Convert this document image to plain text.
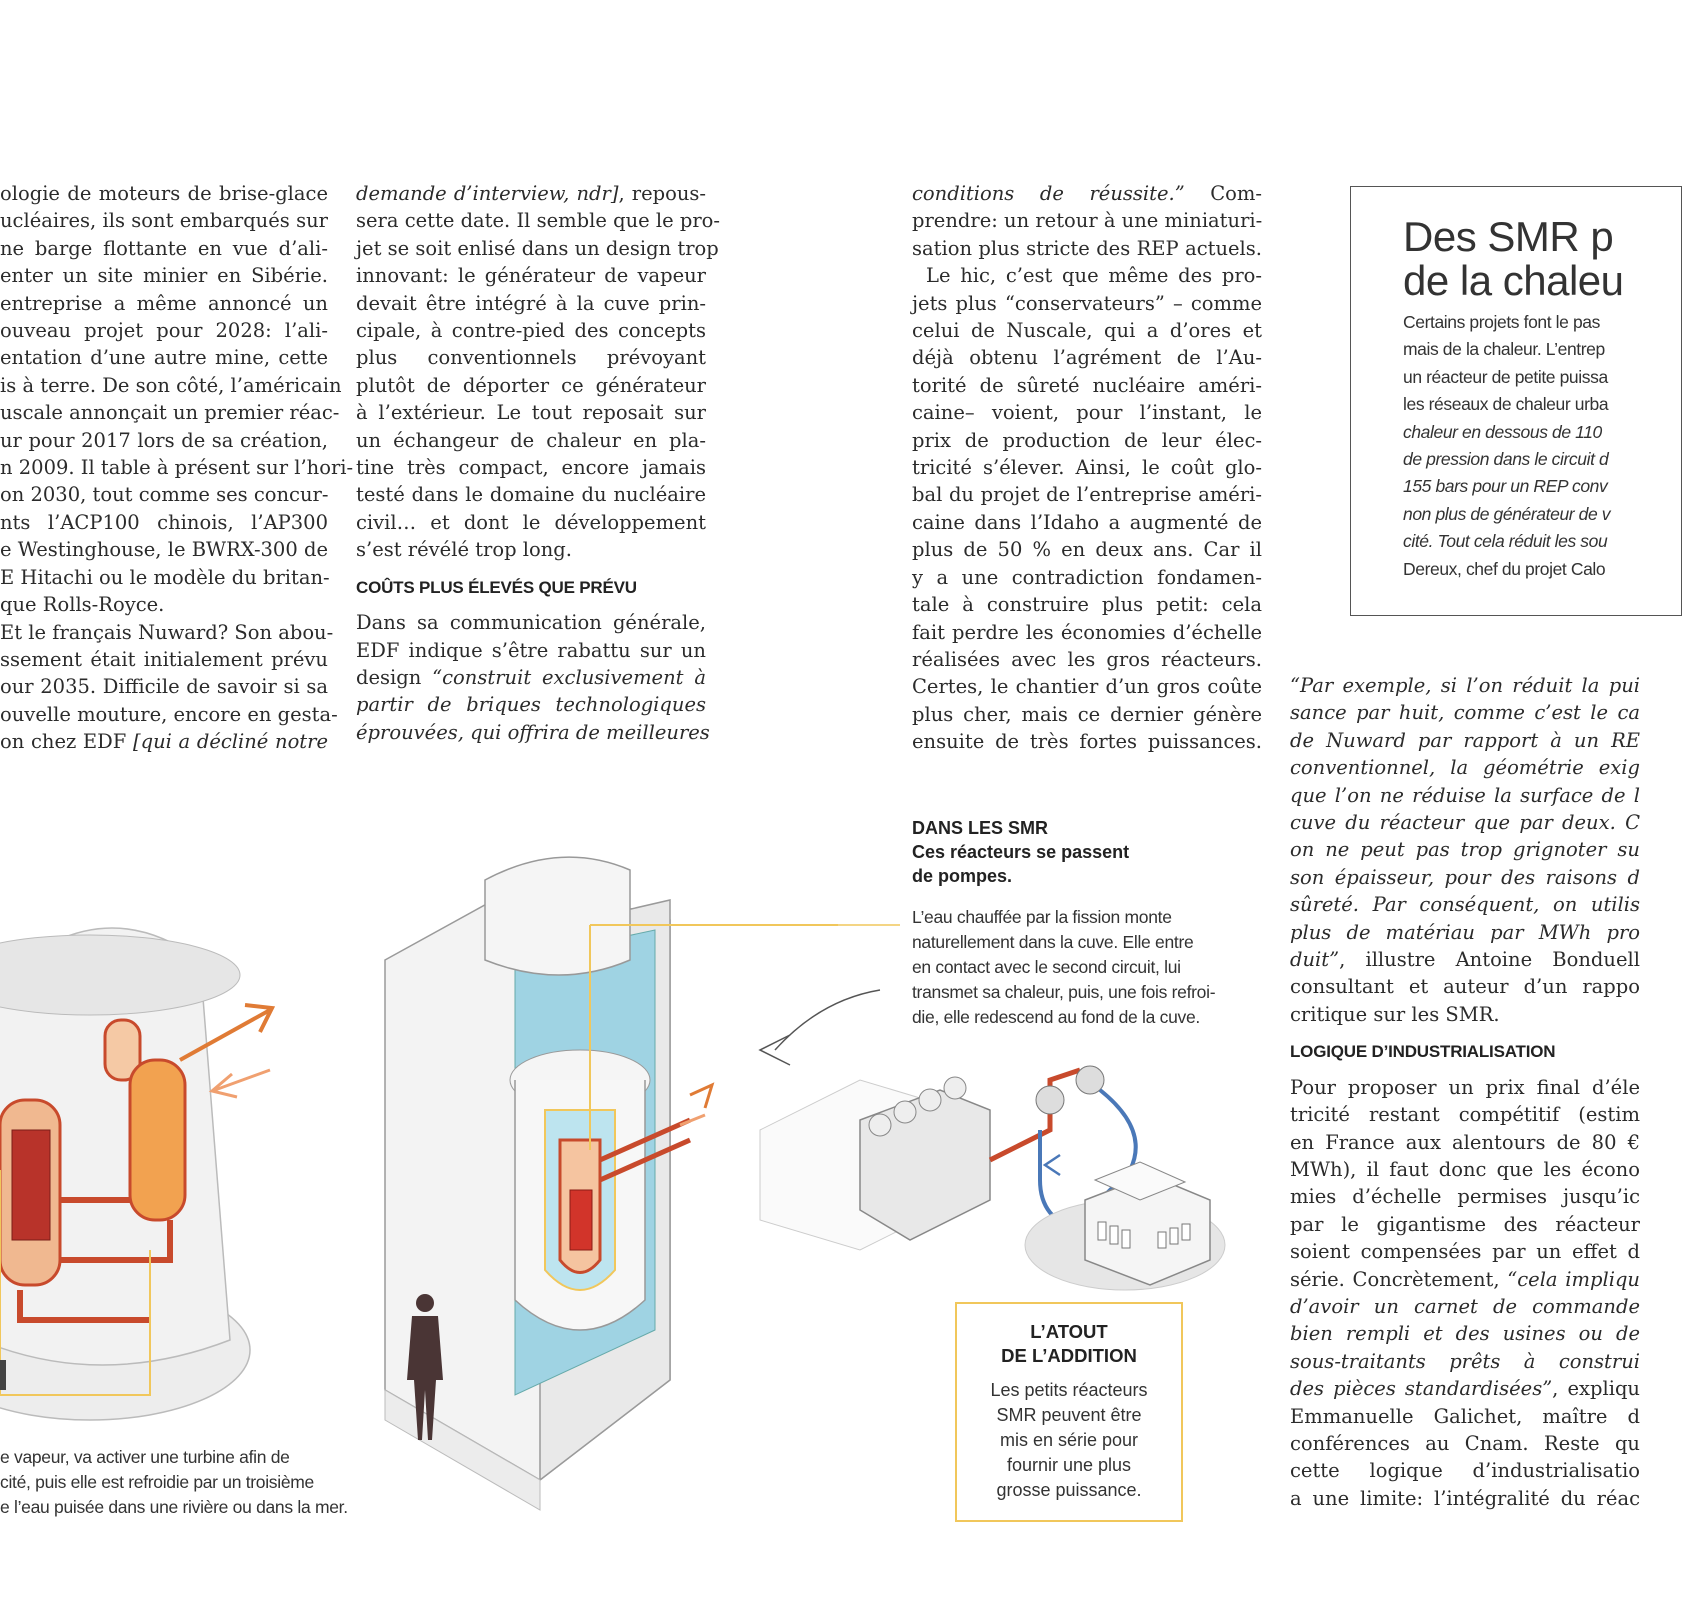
ologie de moteurs de brise-glace

ucléaires, ils sont embarqués sur

ne barge flottante en vue d’ali-

enter un site minier en Sibérie.

entreprise a même annoncé un

ouveau projet pour 2028: l’ali-

entation d’une autre mine, cette

is à terre. De son côté, l’américain

uscale annonçait un premier réac-

ur pour 2017 lors de sa création,

n 2009. Il table à présent sur l’hori-

on 2030, tout comme ses concur-

nts l’ACP100 chinois, l’AP300

e Westinghouse, le BWRX-300 de

E Hitachi ou le modèle du britan-

que Rolls-Royce.

Et le français Nuward? Son abou-

ssement était initialement prévu

our 2035. Difficile de savoir si sa

ouvelle mouture, encore en gesta-

on chez EDF [qui a décliné notre

demande d’interview, ndr], repous-

sera cette date. Il semble que le pro-

jet se soit enlisé dans un design trop

innovant: le générateur de vapeur

devait être intégré à la cuve prin-

cipale, à contre-pied des concepts

plus conventionnels prévoyant

plutôt de déporter ce générateur

à l’extérieur. Le tout reposait sur

un échangeur de chaleur en pla-

tine très compact, encore jamais

testé dans le domaine du nucléaire

civil… et dont le développement

s’est révélé trop long.

COÛTS PLUS ÉLEVÉS QUE PRÉVU

Dans sa communication générale,

EDF indique s’être rabattu sur un

design “construit exclusivement à

partir de briques technologiques

éprouvées, qui offrira de meilleures

conditions de réussite.” Com-

prendre: un retour à une miniaturi-

sation plus stricte des REP actuels.

Le hic, c’est que même des pro-

jets plus “conservateurs” – comme

celui de Nuscale, qui a d’ores et

déjà obtenu l’agrément de l’Au-

torité de sûreté nucléaire améri-

caine– voient, pour l’instant, le

prix de production de leur élec-

tricité s’élever. Ainsi, le coût glo-

bal du projet de l’entreprise améri-

caine dans l’Idaho a augmenté de

plus de 50 % en deux ans. Car il

y a une contradiction fondamen-

tale à construire plus petit: cela

fait perdre les économies d’échelle

réalisées avec les gros réacteurs.

Certes, le chantier d’un gros coûte

plus cher, mais ce dernier génère

ensuite de très fortes puissances.

“Par exemple, si l’on réduit la pui

sance par huit, comme c’est le ca

de Nuward par rapport à un RE

conventionnel, la géométrie exig

que l’on ne réduise la surface de l

cuve du réacteur que par deux. C

on ne peut pas trop grignoter su

son épaisseur, pour des raisons d

sûreté. Par conséquent, on utilis

plus de matériau par MWh pro

duit”, illustre Antoine Bonduell

consultant et auteur d’un rappo

critique sur les SMR.

LOGIQUE D’INDUSTRIALISATION

Pour proposer un prix final d’éle

tricité restant compétitif (estim

en France aux alentours de 80 €

MWh), il faut donc que les écono

mies d’échelle permises jusqu’ic

par le gigantisme des réacteur

soient compensées par un effet d

série. Concrètement, “cela impliqu

d’avoir un carnet de commande

bien rempli et des usines ou de

sous-traitants prêts à construi

des pièces standardisées”, expliqu

Emmanuelle Galichet, maître d

conférences au Cnam. Reste qu

cette logique d’industrialisatio

a une limite: l’intégralité du réac

Des SMR p
de la chaleu
Certains projets font le pas
mais de la chaleur. L’entrep
un réacteur de petite puissa
les réseaux de chaleur urba
chaleur en dessous de 110
de pression dans le circuit d
155 bars pour un REP conv
non plus de générateur de v
cité. Tout cela réduit les sou
Dereux, chef du projet Calo
DANS LES SMR
Ces réacteurs se passent
de pompes.
L’eau chauffée par la fission monte
naturellement dans la cuve. Elle entre
en contact avec le second circuit, lui
transmet sa chaleur, puis, une fois refroi-
die, elle redescend au fond de la cuve.
e vapeur, va activer une turbine afin de
cité, puis elle est refroidie par un troisième
e l’eau puisée dans une rivière ou dans la mer.
L’ATOUT
DE L’ADDITION
Les petits réacteurs
SMR peuvent être
mis en série pour
fournir une plus
grosse puissance.
